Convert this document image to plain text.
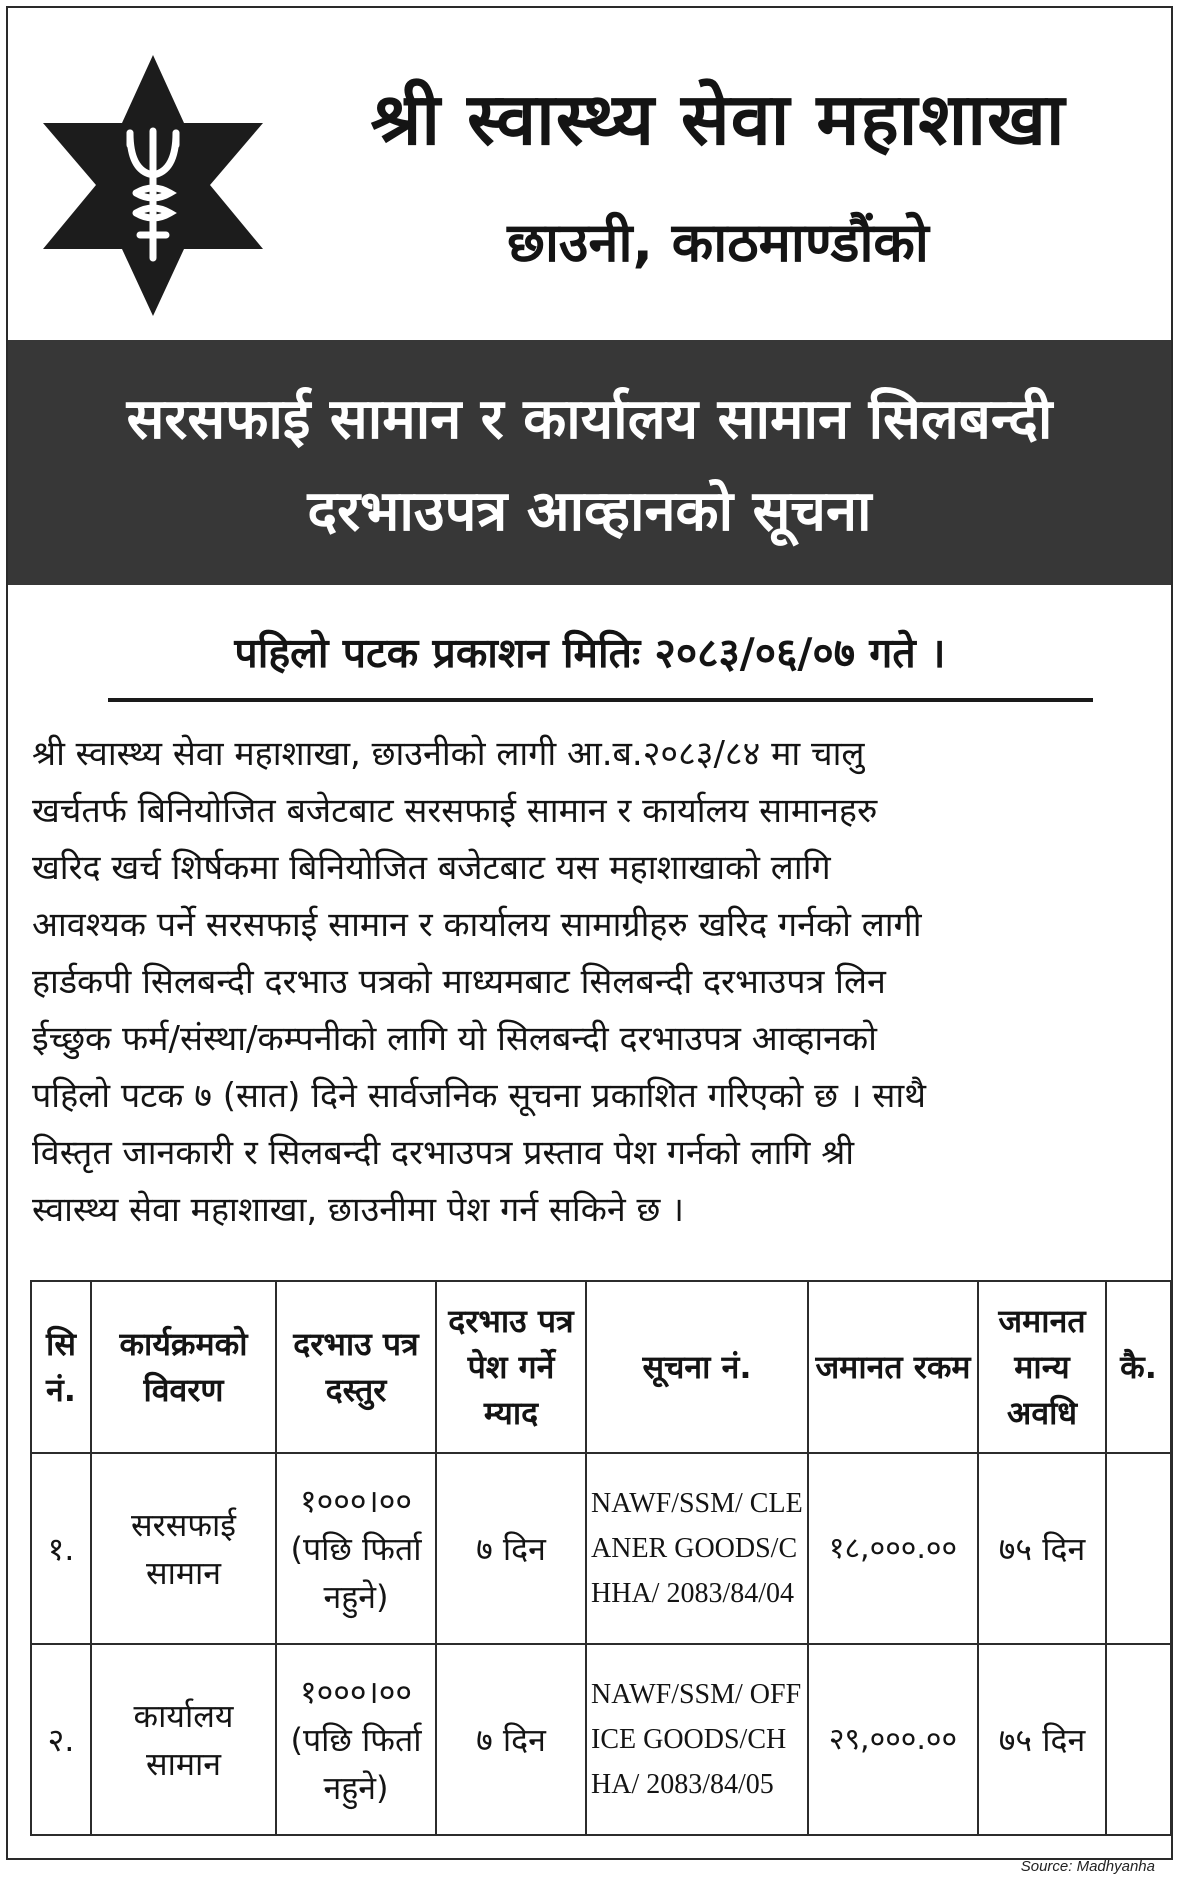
श्री स्वास्थ्य सेवा महाशाखा
छाउनी, काठमाण्डौंको
सरसफाई सामान र कार्यालय सामान सिलबन्दी
दरभाउपत्र आव्हानको सूचना
पहिलो पटक प्रकाशन मितिः २०८३/०६/०७ गते ।
श्री स्वास्थ्य सेवा महाशाखा, छाउनीको लागी आ.ब.२०८३/८४ मा चालु
खर्चतर्फ बिनियोजित बजेटबाट सरसफाई सामान र कार्यालय सामानहरु
खरिद खर्च शिर्षकमा बिनियोजित बजेटबाट यस महाशाखाको लागि
आवश्यक पर्ने सरसफाई सामान र कार्यालय सामाग्रीहरु खरिद गर्नको लागी
हार्डकपी सिलबन्दी दरभाउ पत्रको माध्यमबाट सिलबन्दी दरभाउपत्र लिन
ईच्छुक फर्म/संस्था/कम्पनीको लागि यो सिलबन्दी दरभाउपत्र आव्हानको
पहिलो पटक ७ (सात) दिने सार्वजनिक सूचना प्रकाशित गरिएको छ । साथै
विस्तृत जानकारी र सिलबन्दी दरभाउपत्र प्रस्ताव पेश गर्नको लागि श्री
स्वास्थ्य सेवा महाशाखा, छाउनीमा पेश गर्न सकिने छ ।
सि नं.	कार्यक्रमको विवरण	दरभाउ पत्र दस्तुर	दरभाउ पत्र पेश गर्ने म्याद	सूचना नं.	जमानत रकम	जमानत मान्य अवधि	कै.
१.	सरसफाई सामान	१०००।०० (पछि फिर्ता नहुने)	७ दिन	NAWF/SSM/ CLEANER GOODS/CHHA/ 2083/84/04	१८,०००.००	७५ दिन	
२.	कार्यालय सामान	१०००।०० (पछि फिर्ता नहुने)	७ दिन	NAWF/SSM/ OFFICE GOODS/CHHA/ 2083/84/05	२९,०००.००	७५ दिन	
Source: Madhyanha
